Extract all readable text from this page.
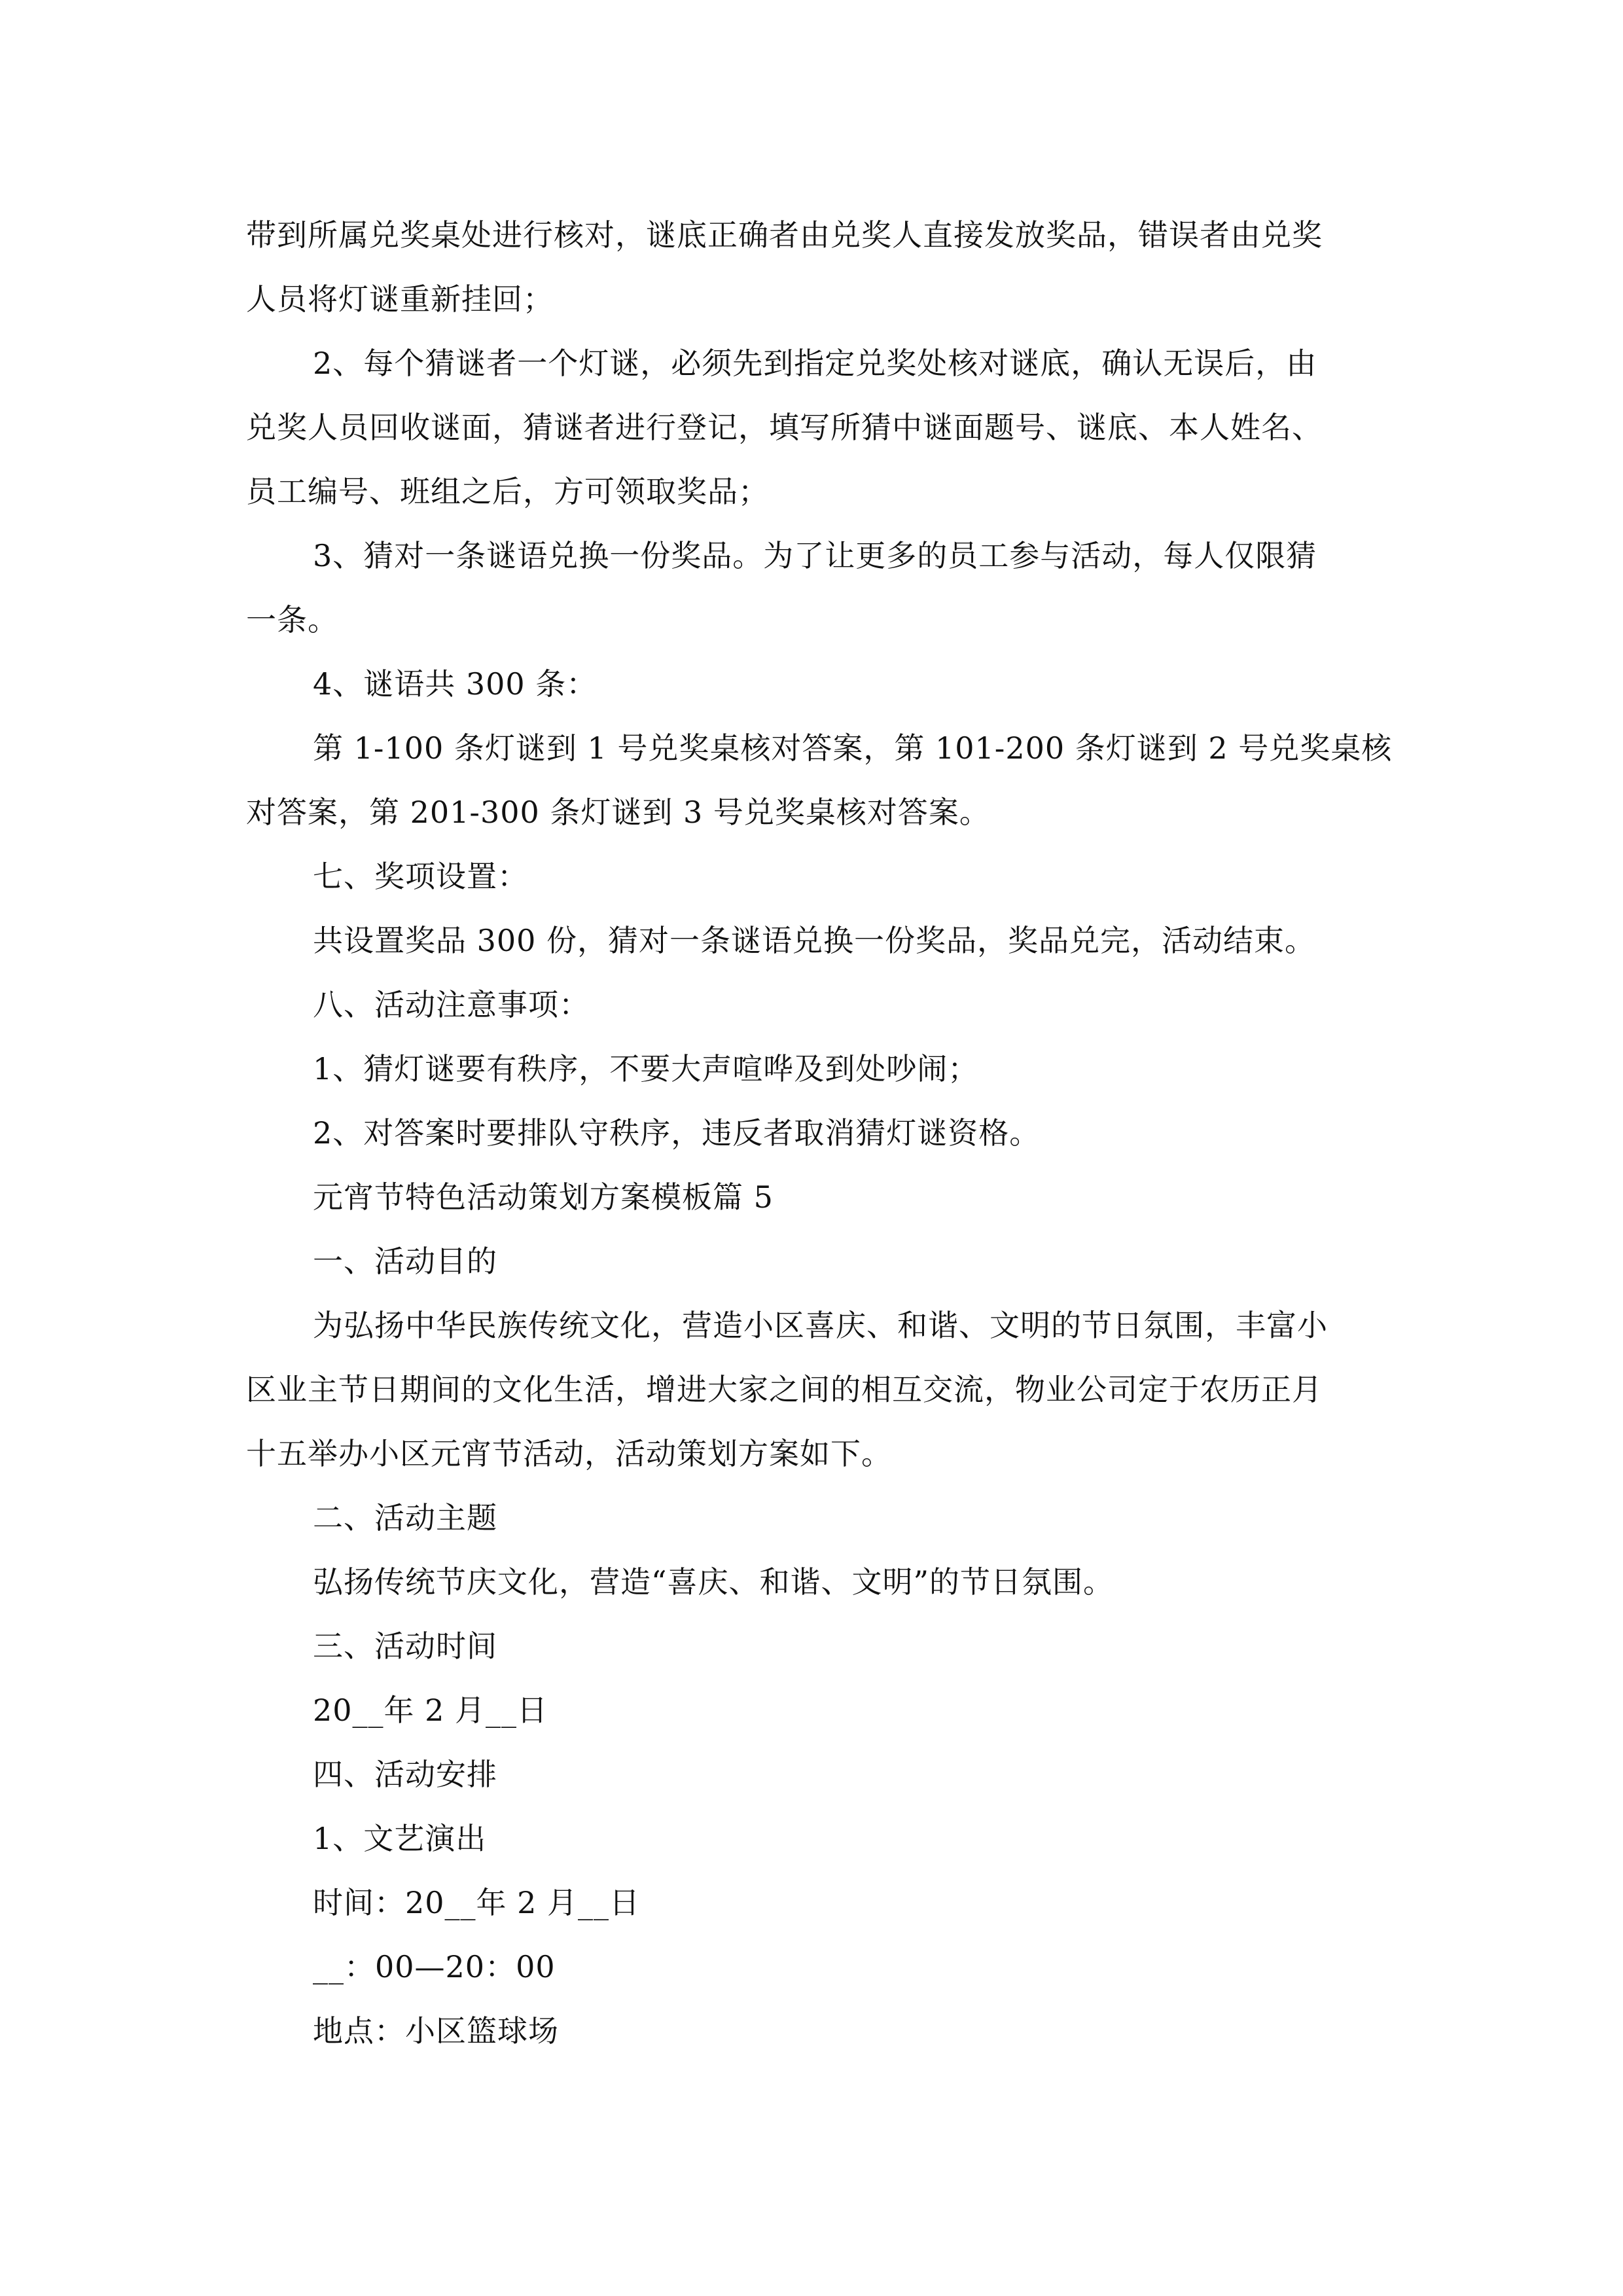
带到所属兑奖桌处进行核对，谜底正确者由兑奖人直接发放奖品，错误者由兑奖
人员将灯谜重新挂回；
2、每个猜谜者一个灯谜，必须先到指定兑奖处核对谜底，确认无误后，由
兑奖人员回收谜面，猜谜者进行登记，填写所猜中谜面题号、谜底、本人姓名、
员工编号、班组之后，方可领取奖品；
3、猜对一条谜语兑换一份奖品。为了让更多的员工参与活动，每人仅限猜
一条。
4、谜语共 300 条：
第 1-100 条灯谜到 1 号兑奖桌核对答案，第 101-200 条灯谜到 2 号兑奖桌核
对答案，第 201-300 条灯谜到 3 号兑奖桌核对答案。
七、奖项设置：
共设置奖品 300 份，猜对一条谜语兑换一份奖品，奖品兑完，活动结束。
八、活动注意事项：
1、猜灯谜要有秩序，不要大声喧哗及到处吵闹；
2、对答案时要排队守秩序，违反者取消猜灯谜资格。
元宵节特色活动策划方案模板篇 5
一、活动目的
为弘扬中华民族传统文化，营造小区喜庆、和谐、文明的节日氛围，丰富小
区业主节日期间的文化生活，增进大家之间的相互交流，物业公司定于农历正月
十五举办小区元宵节活动，活动策划方案如下。
二、活动主题
弘扬传统节庆文化，营造“喜庆、和谐、文明”的节日氛围。
三、活动时间
20__年 2 月__日
四、活动安排
1、文艺演出
时间：20__年 2 月__日
__：00—20：00
地点：小区篮球场
